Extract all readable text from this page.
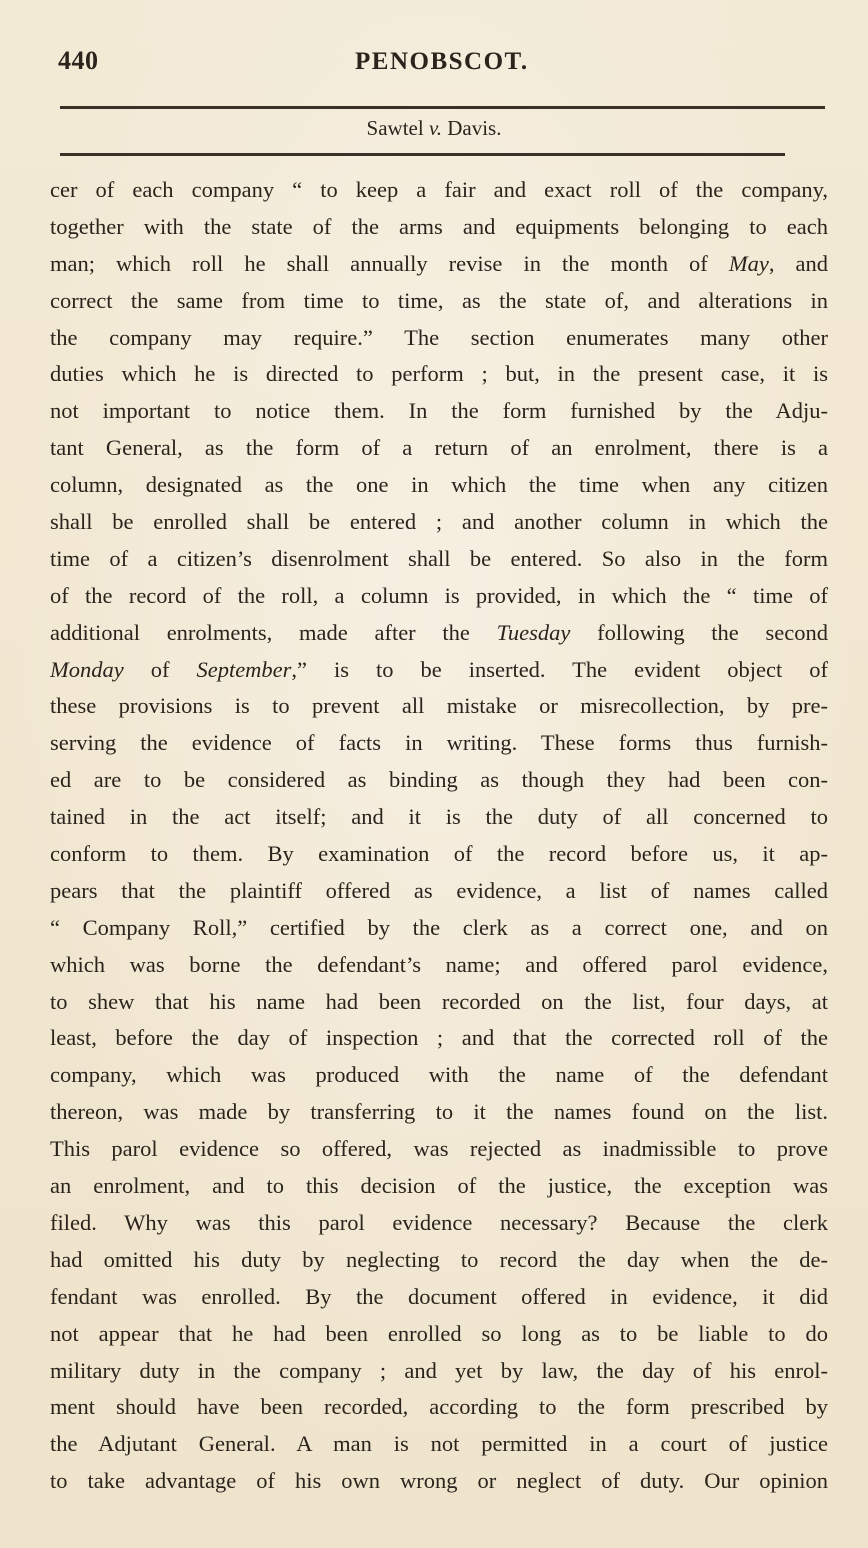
440	PENOBSCOT.
Sawtel v. Davis.
cer of each company “ to keep a fair and exact roll of the company,
together with the state of the arms and equipments belonging to each
man; which roll he shall annually revise in the month of May, and
correct the same from time to time, as the state of, and alterations in
the company may require.” The section enumerates many other
duties which he is directed to perform ; but, in the present case, it is
not important to notice them. In the form furnished by the Adju-
tant General, as the form of a return of an enrolment, there is a
column, designated as the one in which the time when any citizen
shall be enrolled shall be entered ; and another column in which the
time of a citizen’s disenrolment shall be entered. So also in the form
of the record of the roll, a column is provided, in which the “ time of
additional enrolments, made after the Tuesday following the second
Monday of September,” is to be inserted. The evident object of
these provisions is to prevent all mistake or misrecollection, by pre-
serving the evidence of facts in writing. These forms thus furnish-
ed are to be considered as binding as though they had been con-
tained in the act itself; and it is the duty of all concerned to
conform to them. By examination of the record before us, it ap-
pears that the plaintiff offered as evidence, a list of names called
“ Company Roll,” certified by the clerk as a correct one, and on
which was borne the defendant’s name; and offered parol evidence,
to shew that his name had been recorded on the list, four days, at
least, before the day of inspection ; and that the corrected roll of the
company, which was produced with the name of the defendant
thereon, was made by transferring to it the names found on the list.
This parol evidence so offered, was rejected as inadmissible to prove
an enrolment, and to this decision of the justice, the exception was
filed. Why was this parol evidence necessary? Because the clerk
had omitted his duty by neglecting to record the day when the de-
fendant was enrolled. By the document offered in evidence, it did
not appear that he had been enrolled so long as to be liable to do
military duty in the company ; and yet by law, the day of his enrol-
ment should have been recorded, according to the form prescribed by
the Adjutant General. A man is not permitted in a court of justice
to take advantage of his own wrong or neglect of duty. Our opinion
